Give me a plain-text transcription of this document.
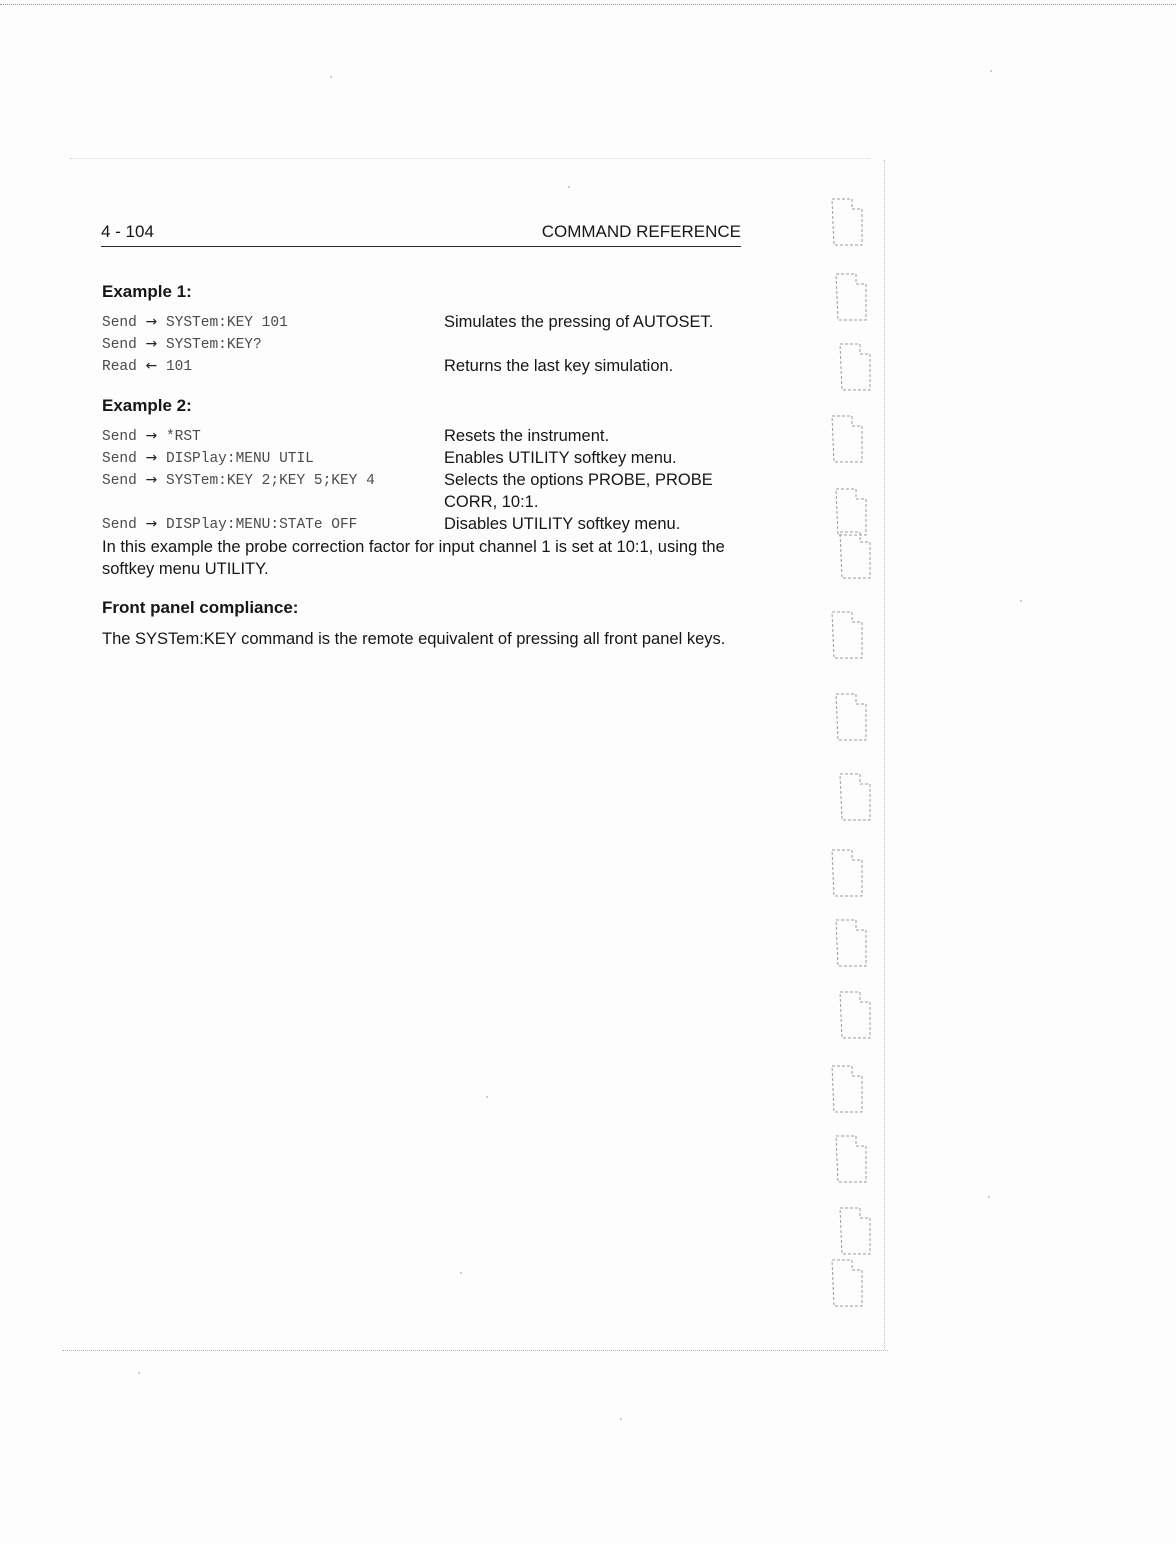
4 - 104	COMMAND REFERENCE
Example 1:
Send → SYSTem:KEY 101	Simulates the pressing of AUTOSET.
Send → SYSTem:KEY?
Read ← 101	Returns the last key simulation.
Example 2:
Send → *RST	Resets the instrument.
Send → DISPlay:MENU UTIL	Enables UTILITY softkey menu.
Send → SYSTem:KEY 2;KEY 5;KEY 4	Selects the options PROBE, PROBE
CORR, 10:1.
Send → DISPlay:MENU:STATe OFF	Disables UTILITY softkey menu.
In this example the probe correction factor for input channel 1 is set at 10:1, using the softkey menu UTILITY.
Front panel compliance:
The SYSTem:KEY command is the remote equivalent of pressing all front panel keys.
